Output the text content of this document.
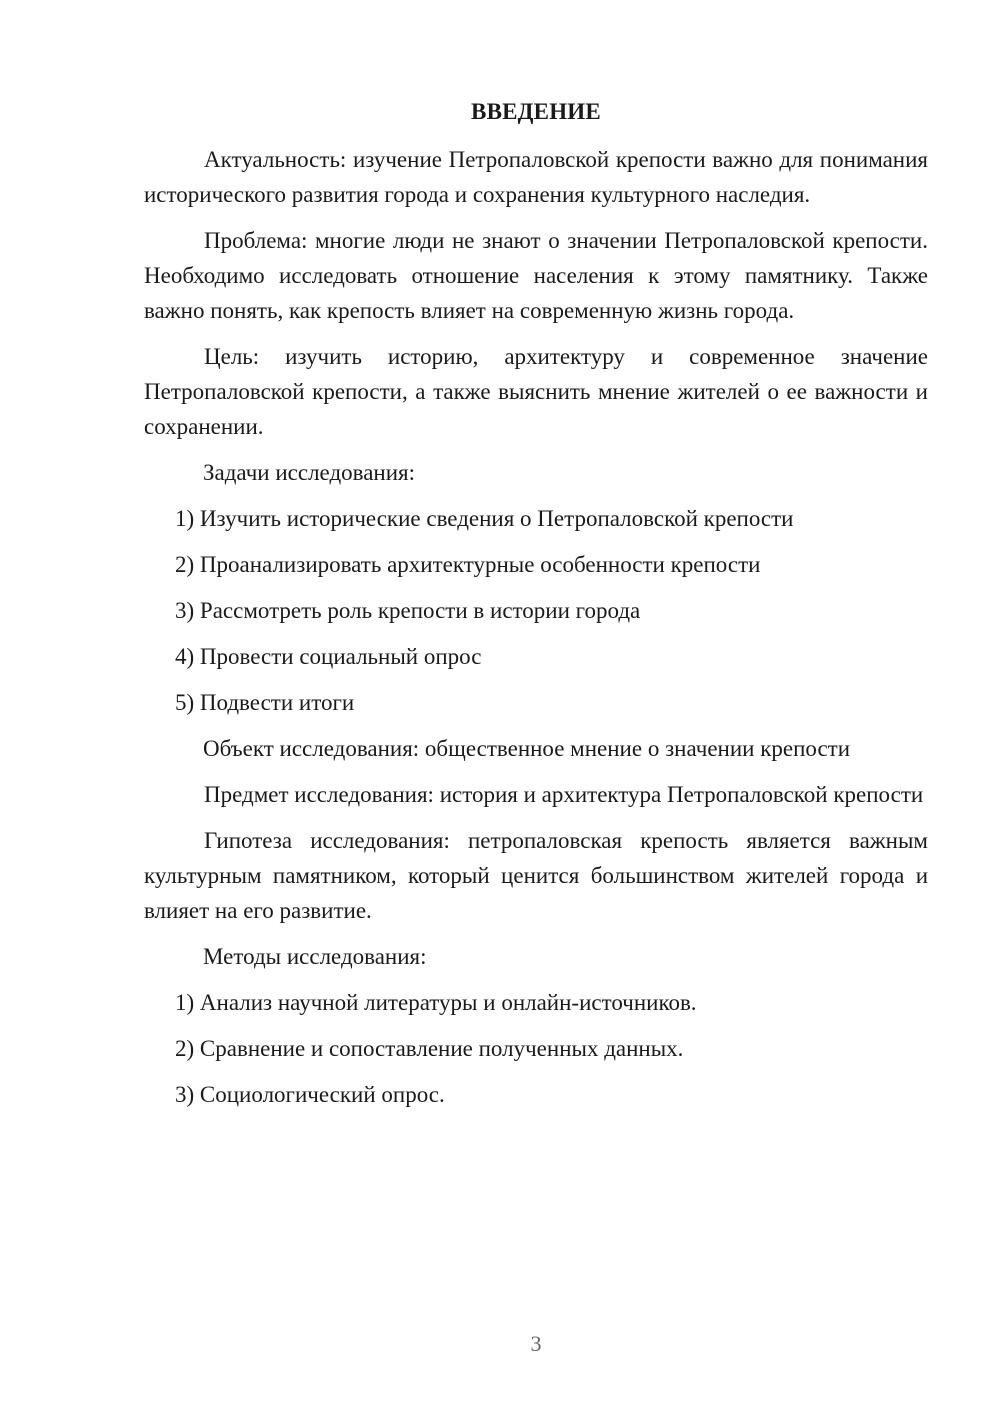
ВВЕДЕНИЕ

Актуальность: изучение Петропаловской крепости важно для понимания исторического развития города и сохранения культурного наследия.

Проблема: многие люди не знают о значении Петропаловской крепости. Необходимо исследовать отношение населения к этому памятнику. Также важно понять, как крепость влияет на современную жизнь города.

Цель: изучить историю, архитектуру и современное значение Петропаловской крепости, а также выяснить мнение жителей о ее важности и сохранении.

Задачи исследования:

1) Изучить исторические сведения о Петропаловской крепости
2) Проанализировать архитектурные особенности крепости
3) Рассмотреть роль крепости в истории города
4) Провести социальный опрос
5) Подвести итоги

Объект исследования: общественное мнение о значении крепости

Предмет исследования: история и архитектура Петропаловской крепости

Гипотеза исследования: петропаловская крепость является важным культурным памятником, который ценится большинством жителей города и влияет на его развитие.

Методы исследования:

1) Анализ научной литературы и онлайн-источников.
2) Сравнение и сопоставление полученных данных.
3) Социологический опрос.
3
